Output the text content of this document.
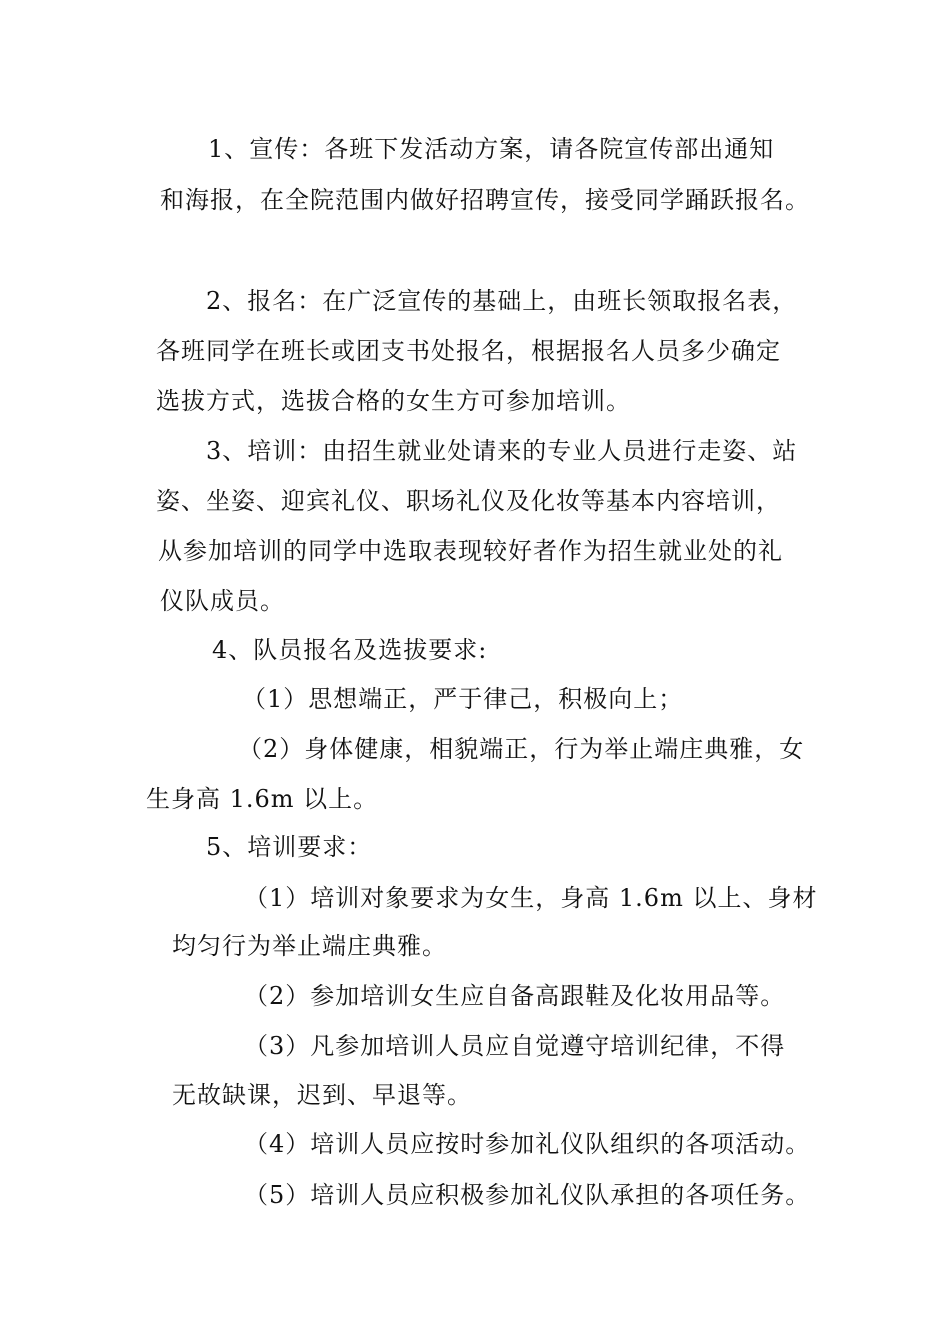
1、宣传：各班下发活动方案，请各院宣传部出通知
和海报，在全院范围内做好招聘宣传，接受同学踊跃报名。
2、报名：在广泛宣传的基础上，由班长领取报名表，
各班同学在班长或团支书处报名，根据报名人员多少确定
选拔方式，选拔合格的女生方可参加培训。
3、培训：由招生就业处请来的专业人员进行走姿、站
姿、坐姿、迎宾礼仪、职场礼仪及化妆等基本内容培训，
从参加培训的同学中选取表现较好者作为招生就业处的礼
仪队成员。
4、队员报名及选拔要求:
（1）思想端正，严于律己，积极向上；
（2）身体健康，相貌端正，行为举止端庄典雅，女
生身高 1.6m 以上。
5、培训要求：
（1）培训对象要求为女生，身高 1.6m 以上、身材
均匀行为举止端庄典雅。
（2）参加培训女生应自备高跟鞋及化妆用品等。
（3）凡参加培训人员应自觉遵守培训纪律，不得
无故缺课，迟到、早退等。
（4）培训人员应按时参加礼仪队组织的各项活动。
（5）培训人员应积极参加礼仪队承担的各项任务。
